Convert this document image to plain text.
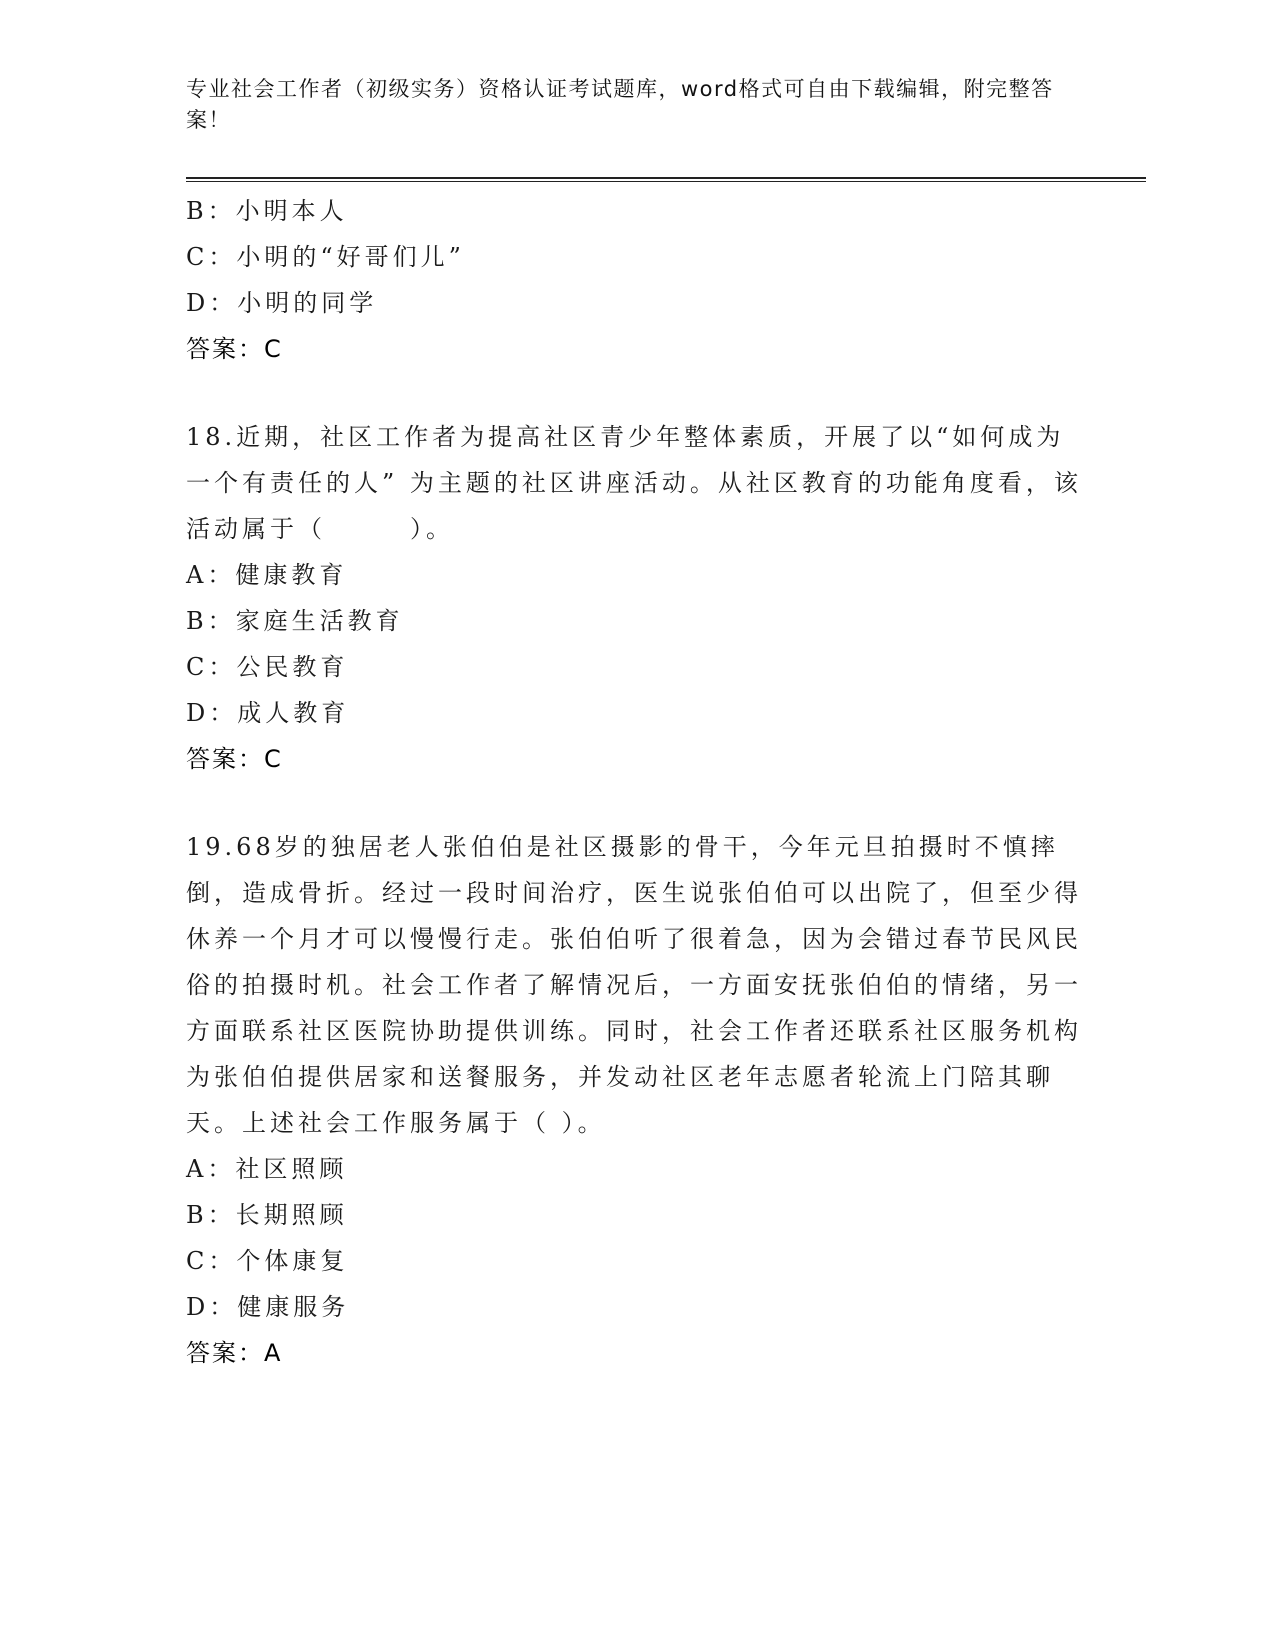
专业社会工作者（初级实务）资格认证考试题库，word格式可自由下载编辑，附完整答案！
B：小明本人
C：小明的“好哥们儿”
D：小明的同学
答案：C
18.近期，社区工作者为提高社区青少年整体素质，开展了以“如何成为一个有责任的人” 为主题的社区讲座活动。从社区教育的功能角度看，该活动属于（　　　）。
A：健康教育
B：家庭生活教育
C：公民教育
D：成人教育
答案：C
19.68岁的独居老人张伯伯是社区摄影的骨干，今年元旦拍摄时不慎摔倒，造成骨折。经过一段时间治疗，医生说张伯伯可以出院了，但至少得休养一个月才可以慢慢行走。张伯伯听了很着急，因为会错过春节民风民俗的拍摄时机。社会工作者了解情况后，一方面安抚张伯伯的情绪，另一方面联系社区医院协助提供训练。同时，社会工作者还联系社区服务机构为张伯伯提供居家和送餐服务，并发动社区老年志愿者轮流上门陪其聊天。上述社会工作服务属于（ ）。
A：社区照顾
B：长期照顾
C：个体康复
D：健康服务
答案：A
